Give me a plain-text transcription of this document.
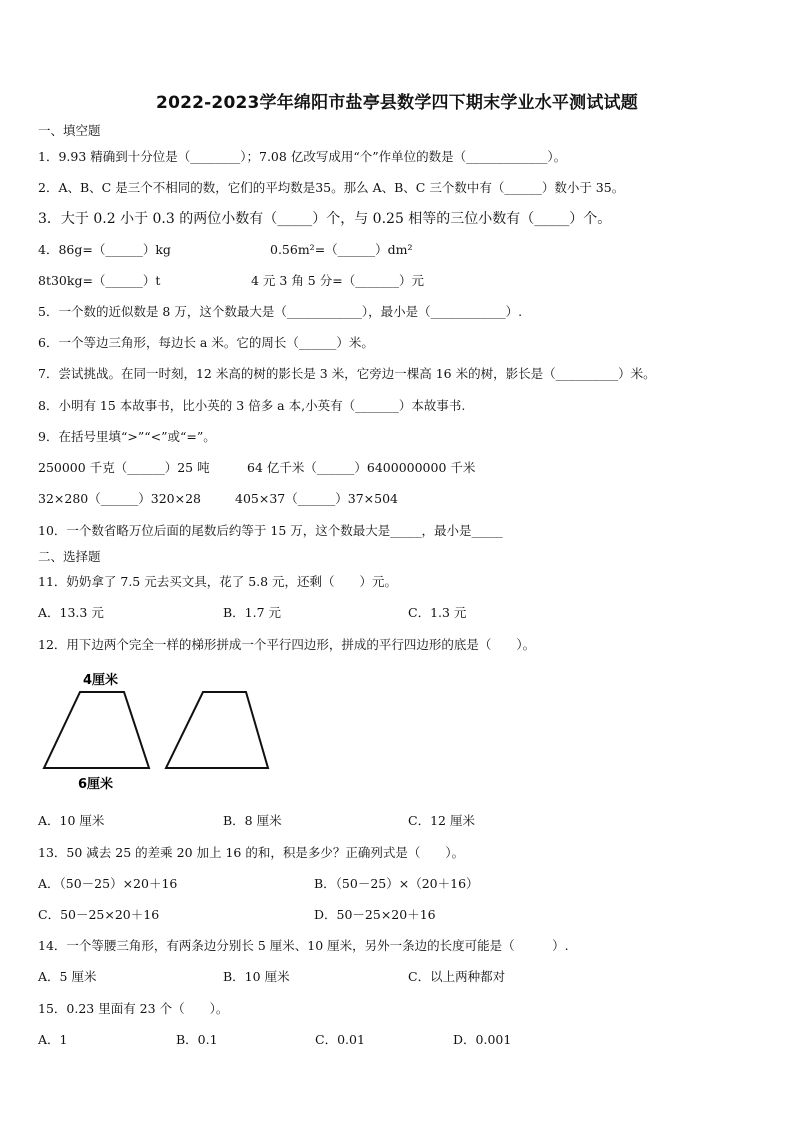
2022-2023学年绵阳市盐亭县数学四下期末学业水平测试试题
一、填空题
1．9.93 精确到十分位是（________）；7.08 亿改写成用“个”作单位的数是（_____________）。
2．A、B、C 是三个不相同的数，它们的平均数是35。那么 A、B、C 三个数中有（______）数小于 35。
3．大于 0.2 小于 0.3 的两位小数有（_____）个，与 0.25 相等的三位小数有（_____）个。
4．86g=（______）kg	0.56m²=（______）dm²
8t30kg=（______）t	4 元 3 角 5 分=（_______）元
5．一个数的近似数是 8 万，这个数最大是（____________），最小是（____________）.
6．一个等边三角形，每边长 a 米。它的周长（______）米。
7．尝试挑战。在同一时刻，12 米高的树的影长是 3 米，它旁边一棵高 16 米的树，影长是（__________）米。
8．小明有 15 本故事书，比小英的 3 倍多 a 本,小英有（_______）本故事书.
9．在括号里填“>”“<”或“=”。
250000 千克（______）25 吨	64 亿千米（______）6400000000 千米
32×280（______）320×28	405×37（______）37×504
10．一个数省略万位后面的尾数后约等于 15 万，这个数最大是_____，最小是_____
二、选择题
11．奶奶拿了 7.5 元去买文具，花了 5.8 元，还剩（　　）元。
A．13.3 元	B．1.7 元	C．1.3 元
12．用下边两个完全一样的梯形拼成一个平行四边形，拼成的平行四边形的底是（　　）。
4厘米
6厘米
A．10 厘米	B．8 厘米	C．12 厘米
13．50 减去 25 的差乘 20 加上 16 的和，积是多少？正确列式是（　　）。
A．（50－25）×20＋16	B．（50－25）×（20＋16）
C．50－25×20＋16	D．50－25×20＋16
14．一个等腰三角形，有两条边分别长 5 厘米、10 厘米，另外一条边的长度可能是（　　　）.
A．5 厘米	B．10 厘米	C．以上两种都对
15．0.23 里面有 23 个（　　）。
A．1	B．0.1	C．0.01	D．0.001
